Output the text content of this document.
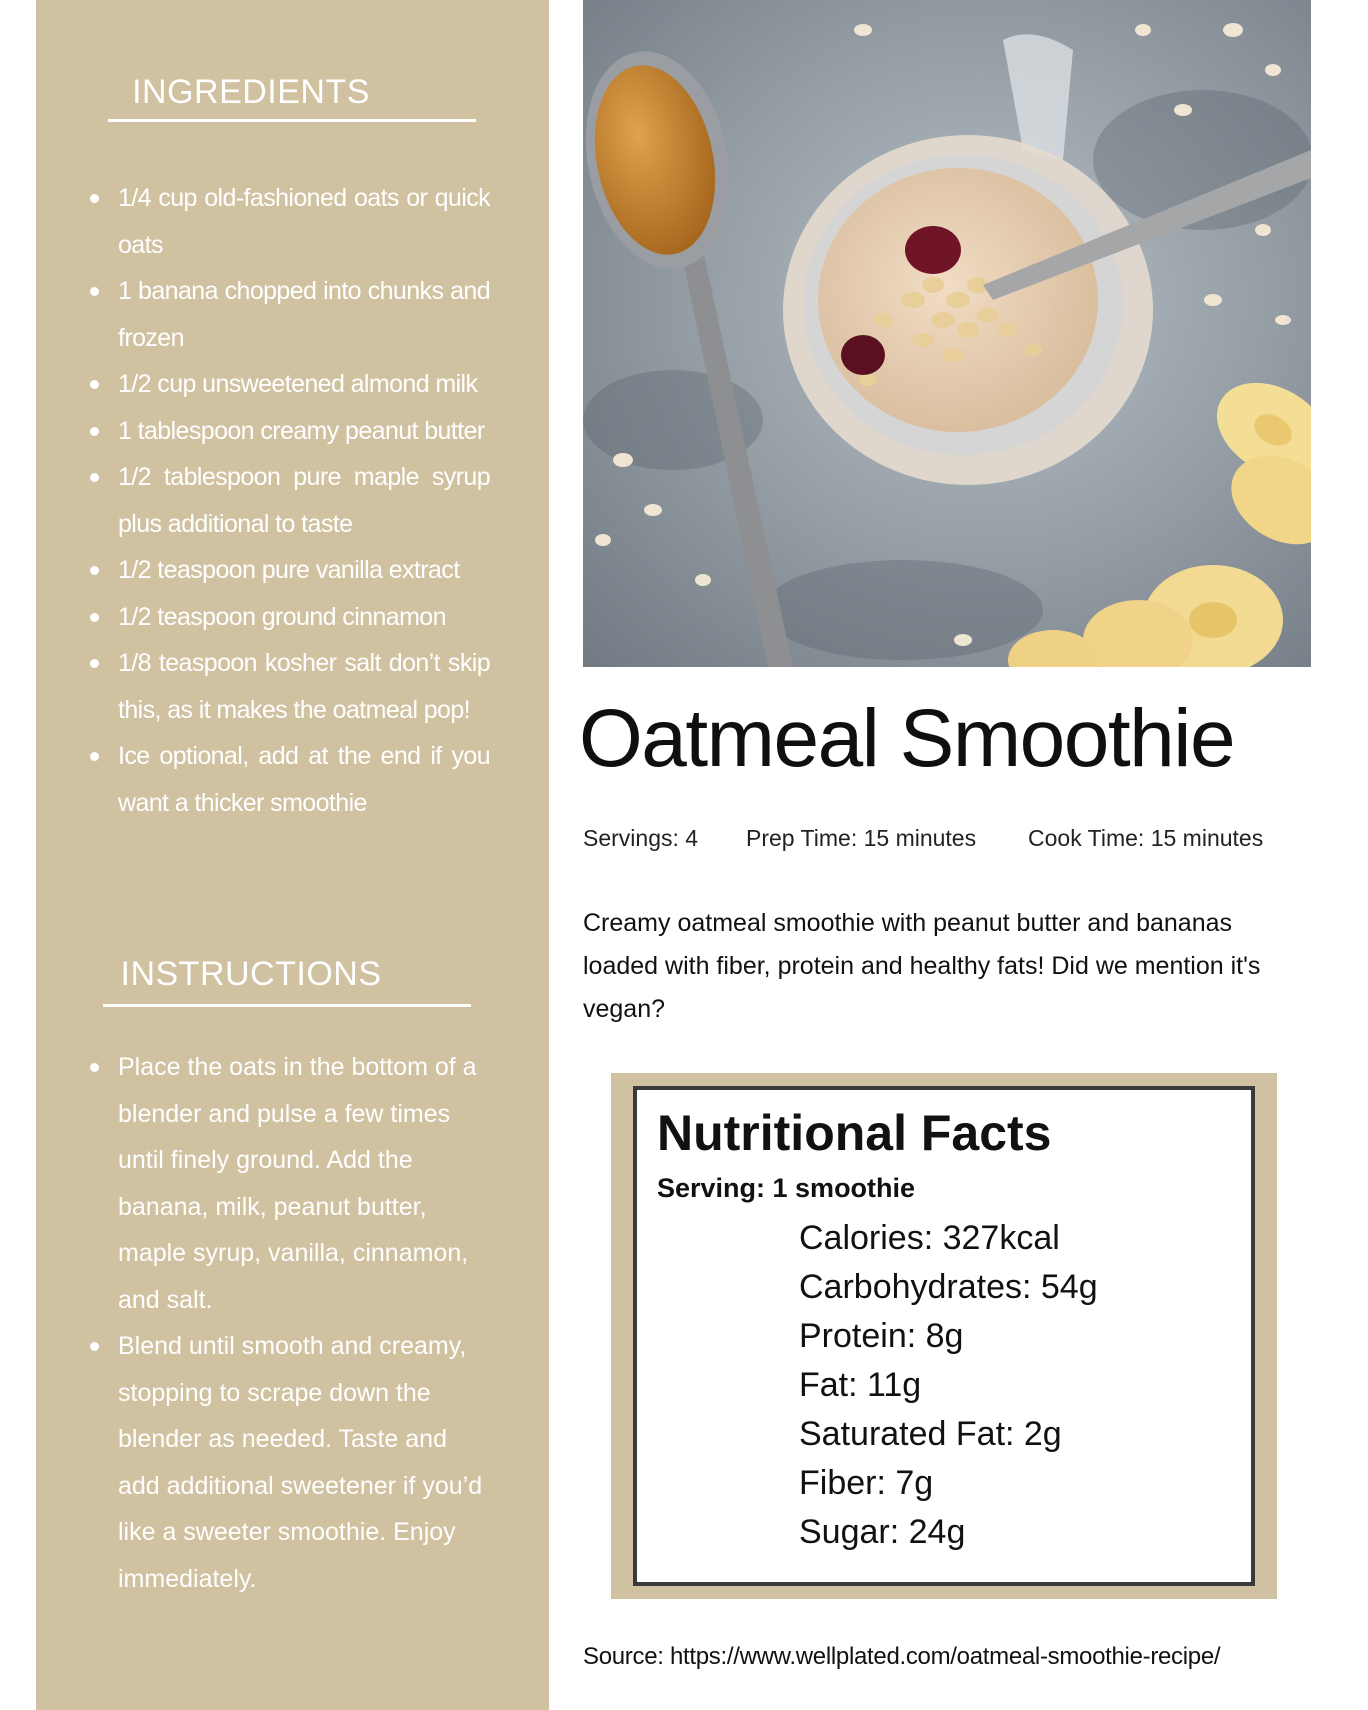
INGREDIENTS
1/4 cup old-fashioned oats or quick oats
1 banana chopped into chunks and frozen
1/2 cup unsweetened almond milk
1 tablespoon creamy peanut butter
1/2 tablespoon pure maple syrup plus additional to taste
1/2 teaspoon pure vanilla extract
1/2 teaspoon ground cinnamon
1/8 teaspoon kosher salt don’t skip this, as it makes the oatmeal pop!
Ice optional, add at the end if you want a thicker smoothie
INSTRUCTIONS
Place the oats in the bottom of a blender and pulse a few times until finely ground. Add the banana, milk, peanut butter, maple syrup, vanilla, cinnamon, and salt.
Blend until smooth and creamy, stopping to scrape down the blender as needed. Taste and add additional sweetener if you’d like a sweeter smoothie. Enjoy immediately.
Oatmeal Smoothie
Servings: 4 Prep Time: 15 minutes Cook Time: 15 minutes
Creamy oatmeal smoothie with peanut butter and bananas loaded with fiber, protein and healthy fats! Did we mention it's vegan?
Nutritional Facts
Serving: 1 smoothie
Calories: 327kcal
Carbohydrates: 54g
Protein: 8g
Fat: 11g
Saturated Fat: 2g
Fiber: 7g
Sugar: 24g
Source: https://www.wellplated.com/oatmeal-smoothie-recipe/
